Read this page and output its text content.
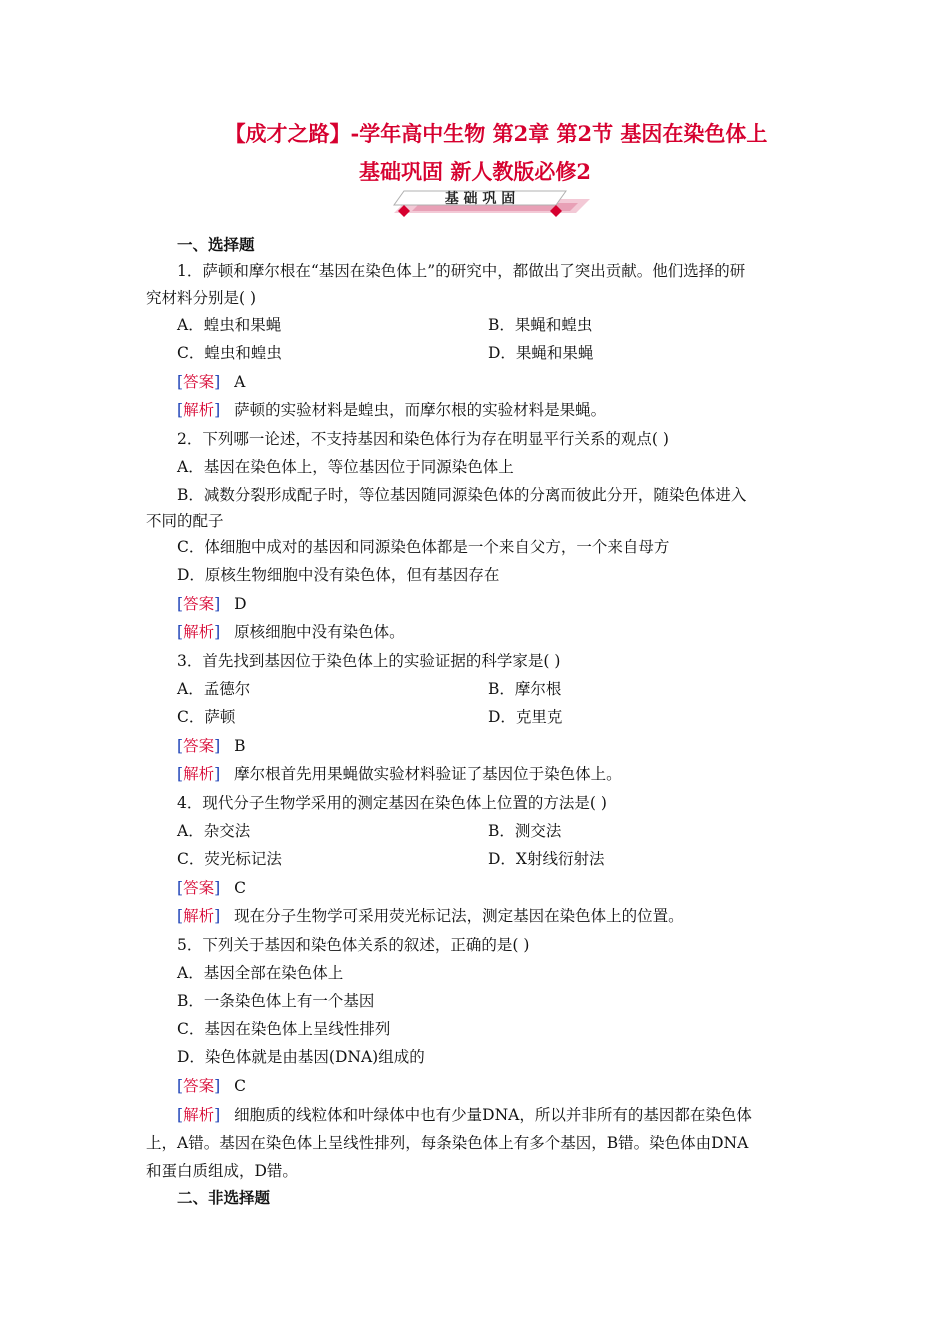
【成才之路】-学年高中生物 第2章 第2节 基因在染色体上
基础巩固 新人教版必修2
基 础 巩 固
一、选择题
1．萨顿和摩尔根在“基因在染色体上”的研究中，都做出了突出贡献。他们选择的研
究材料分别是( )
A．蝗虫和果蝇	B．果蝇和蝗虫
C．蝗虫和蝗虫	D．果蝇和果蝇
[答案] A
[解析] 萨顿的实验材料是蝗虫，而摩尔根的实验材料是果蝇。
2．下列哪一论述，不支持基因和染色体行为存在明显平行关系的观点( )
A．基因在染色体上，等位基因位于同源染色体上
B．减数分裂形成配子时，等位基因随同源染色体的分离而彼此分开，随染色体进入
不同的配子
C．体细胞中成对的基因和同源染色体都是一个来自父方，一个来自母方
D．原核生物细胞中没有染色体，但有基因存在
[答案] D
[解析] 原核细胞中没有染色体。
3．首先找到基因位于染色体上的实验证据的科学家是( )
A．孟德尔	B．摩尔根
C．萨顿	D．克里克
[答案] B
[解析] 摩尔根首先用果蝇做实验材料验证了基因位于染色体上。
4．现代分子生物学采用的测定基因在染色体上位置的方法是( )
A．杂交法	B．测交法
C．荧光标记法	D．X射线衍射法
[答案] C
[解析] 现在分子生物学可采用荧光标记法，测定基因在染色体上的位置。
5．下列关于基因和染色体关系的叙述，正确的是( )
A．基因全部在染色体上
B．一条染色体上有一个基因
C．基因在染色体上呈线性排列
D．染色体就是由基因(DNA)组成的
[答案] C
[解析] 细胞质的线粒体和叶绿体中也有少量DNA，所以并非所有的基因都在染色体
上，A错。基因在染色体上呈线性排列，每条染色体上有多个基因，B错。染色体由DNA
和蛋白质组成，D错。
二、非选择题
